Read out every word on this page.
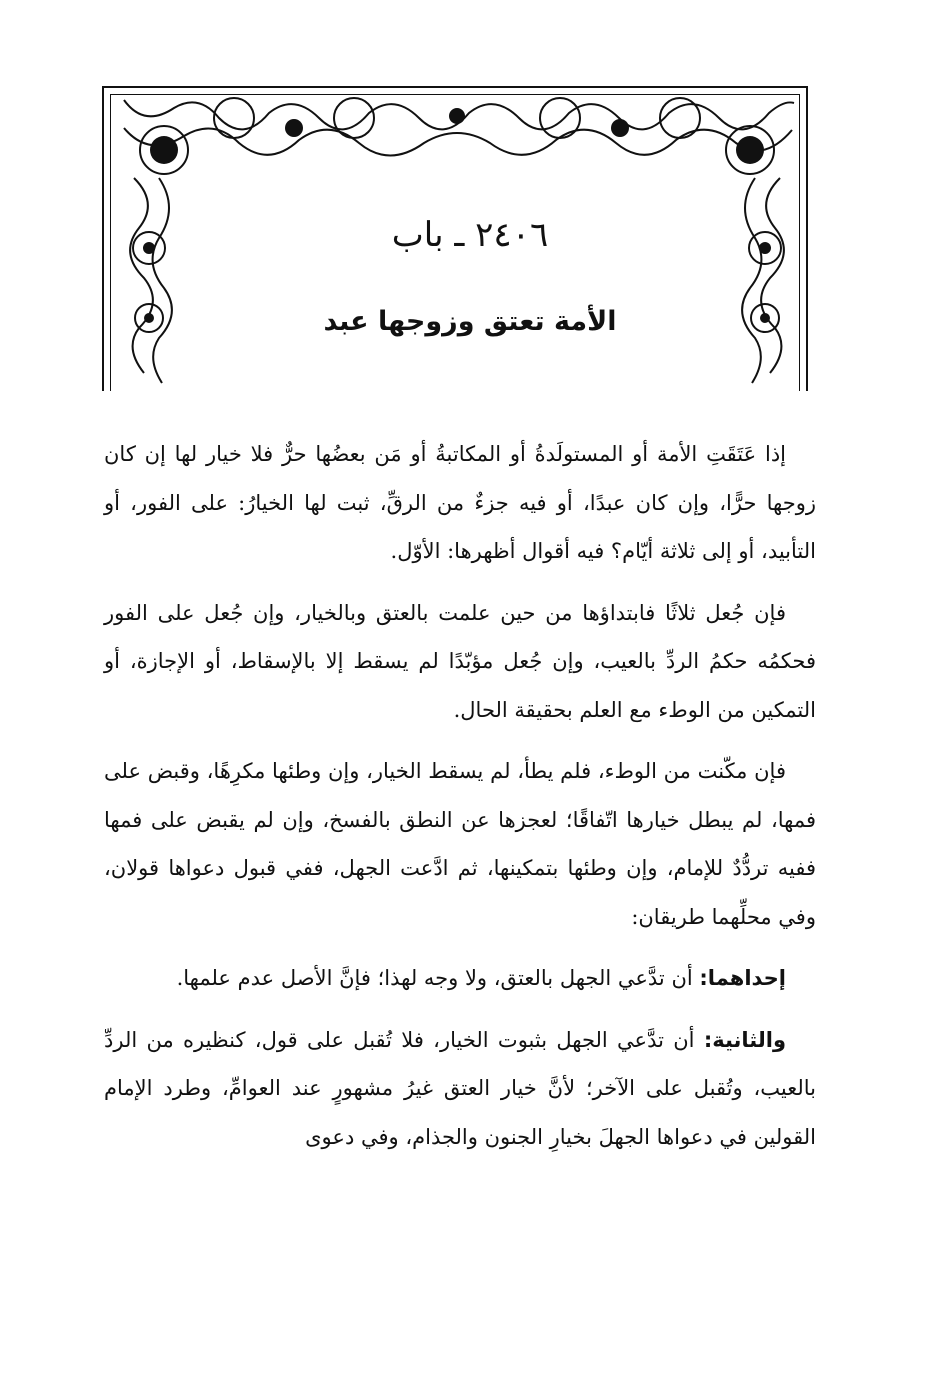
٢٤٠٦ ـ باب
الأمة تعتق وزوجها عبد

إذا عَتَقَتِ الأمة أو المستولَدةُ أو المكاتبةُ أو مَن بعضُها حرٌّ فلا خيار لها إن كان زوجها حرًّا، وإن كان عبدًا، أو فيه جزءٌ من الرقِّ، ثبت لها الخيارُ: على الفور، أو التأبيد، أو إلى ثلاثة أيّام؟ فيه أقوال أظهرها: الأوّل.

فإن جُعل ثلاثًا فابتداؤها من حين علمت بالعتق وبالخيار، وإن جُعل على الفور فحكمُه حكمُ الردِّ بالعيب، وإن جُعل مؤبّدًا لم يسقط إلا بالإسقاط، أو الإجازة، أو التمكين من الوطء مع العلم بحقيقة الحال.

فإن مكّنت من الوطء، فلم يطأ، لم يسقط الخيار، وإن وطئها مكرِهًا، وقبض على فمها، لم يبطل خيارها اتّفاقًا؛ لعجزها عن النطق بالفسخ، وإن لم يقبض على فمها ففيه تردُّدٌ للإمام، وإن وطئها بتمكينها، ثم ادَّعت الجهل، ففي قبول دعواها قولان، وفي محلِّهما طريقان:

إحداهما: أن تدَّعي الجهل بالعتق، ولا وجه لهذا؛ فإنَّ الأصل عدم علمها.

والثانية: أن تدَّعي الجهل بثبوت الخيار، فلا تُقبل على قول، كنظيره من الردِّ بالعيب، وتُقبل على الآخر؛ لأنَّ خيار العتق غيرُ مشهورٍ عند العوامِّ، وطرد الإمام القولين في دعواها الجهلَ بخيارِ الجنون والجذام، وفي دعوى
